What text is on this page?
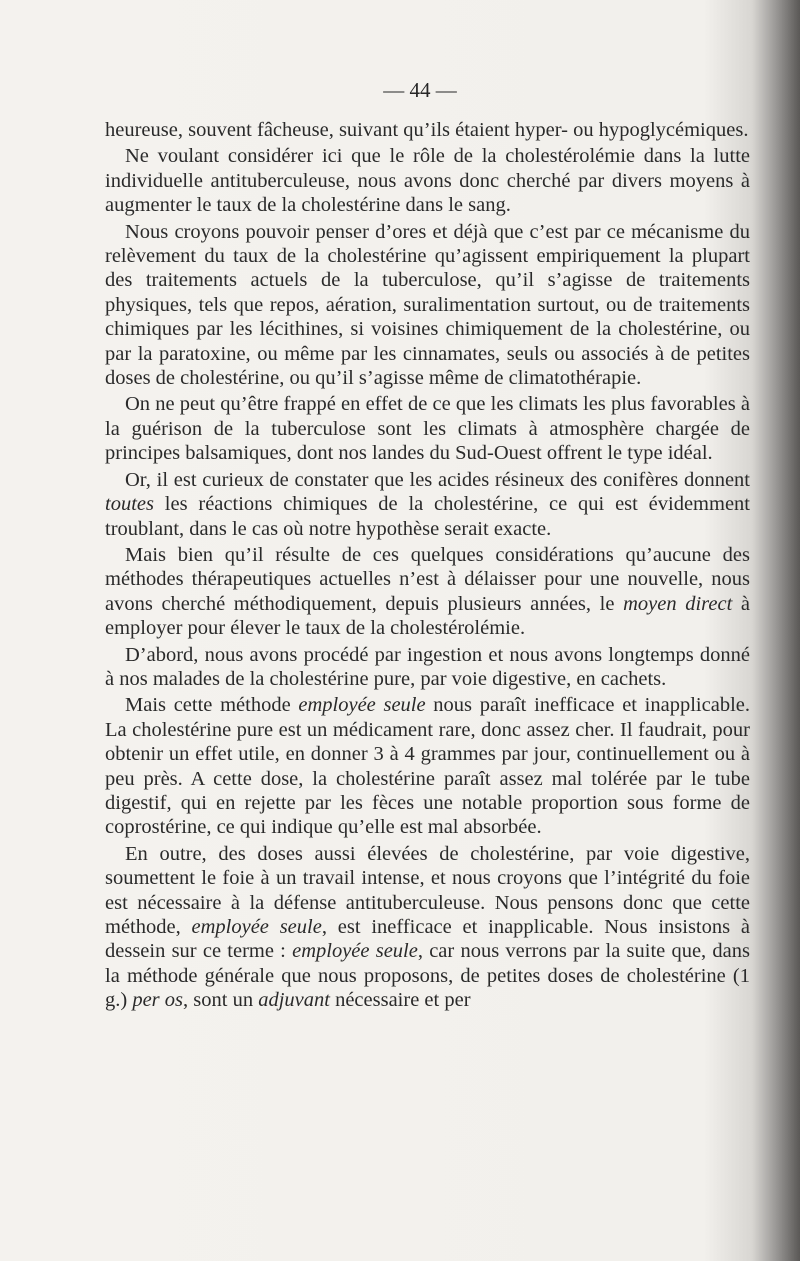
— 44 —

heureuse, souvent fâcheuse, suivant qu’ils étaient hyper- ou hypoglycémiques.

Ne voulant considérer ici que le rôle de la cholestérolémie dans la lutte individuelle antituberculeuse, nous avons donc cherché par divers moyens à augmenter le taux de la cholestérine dans le sang.

Nous croyons pouvoir penser d’ores et déjà que c’est par ce mécanisme du relèvement du taux de la cholestérine qu’agissent empiriquement la plupart des traitements actuels de la tuberculose, qu’il s’agisse de traitements physiques, tels que repos, aération, suralimentation surtout, ou de traitements chimiques par les lécithines, si voisines chimiquement de la cholestérine, ou par la paratoxine, ou même par les cinnamates, seuls ou associés à de petites doses de cholestérine, ou qu’il s’agisse même de climatothérapie.

On ne peut qu’être frappé en effet de ce que les climats les plus favorables à la guérison de la tuberculose sont les climats à atmosphère chargée de principes balsamiques, dont nos landes du Sud-Ouest offrent le type idéal.

Or, il est curieux de constater que les acides résineux des conifères donnent toutes les réactions chimiques de la cholestérine, ce qui est évidemment troublant, dans le cas où notre hypothèse serait exacte.

Mais bien qu’il résulte de ces quelques considérations qu’aucune des méthodes thérapeutiques actuelles n’est à délaisser pour une nouvelle, nous avons cherché méthodiquement, depuis plusieurs années, le moyen direct à employer pour élever le taux de la cholestérolémie.

D’abord, nous avons procédé par ingestion et nous avons longtemps donné à nos malades de la cholestérine pure, par voie digestive, en cachets.

Mais cette méthode employée seule nous paraît inefficace et inapplicable. La cholestérine pure est un médicament rare, donc assez cher. Il faudrait, pour obtenir un effet utile, en donner 3 à 4 grammes par jour, continuellement ou à peu près. A cette dose, la cholestérine paraît assez mal tolérée par le tube digestif, qui en rejette par les fèces une notable proportion sous forme de coprostérine, ce qui indique qu’elle est mal absorbée.

En outre, des doses aussi élevées de cholestérine, par voie digestive, soumettent le foie à un travail intense, et nous croyons que l’intégrité du foie est nécessaire à la défense antituberculeuse. Nous pensons donc que cette méthode, employée seule, est inefficace et inapplicable. Nous insistons à dessein sur ce terme : employée seule, car nous verrons par la suite que, dans la méthode générale que nous proposons, de petites doses de cholestérine (1 g.) per os, sont un adjuvant nécessaire et per
